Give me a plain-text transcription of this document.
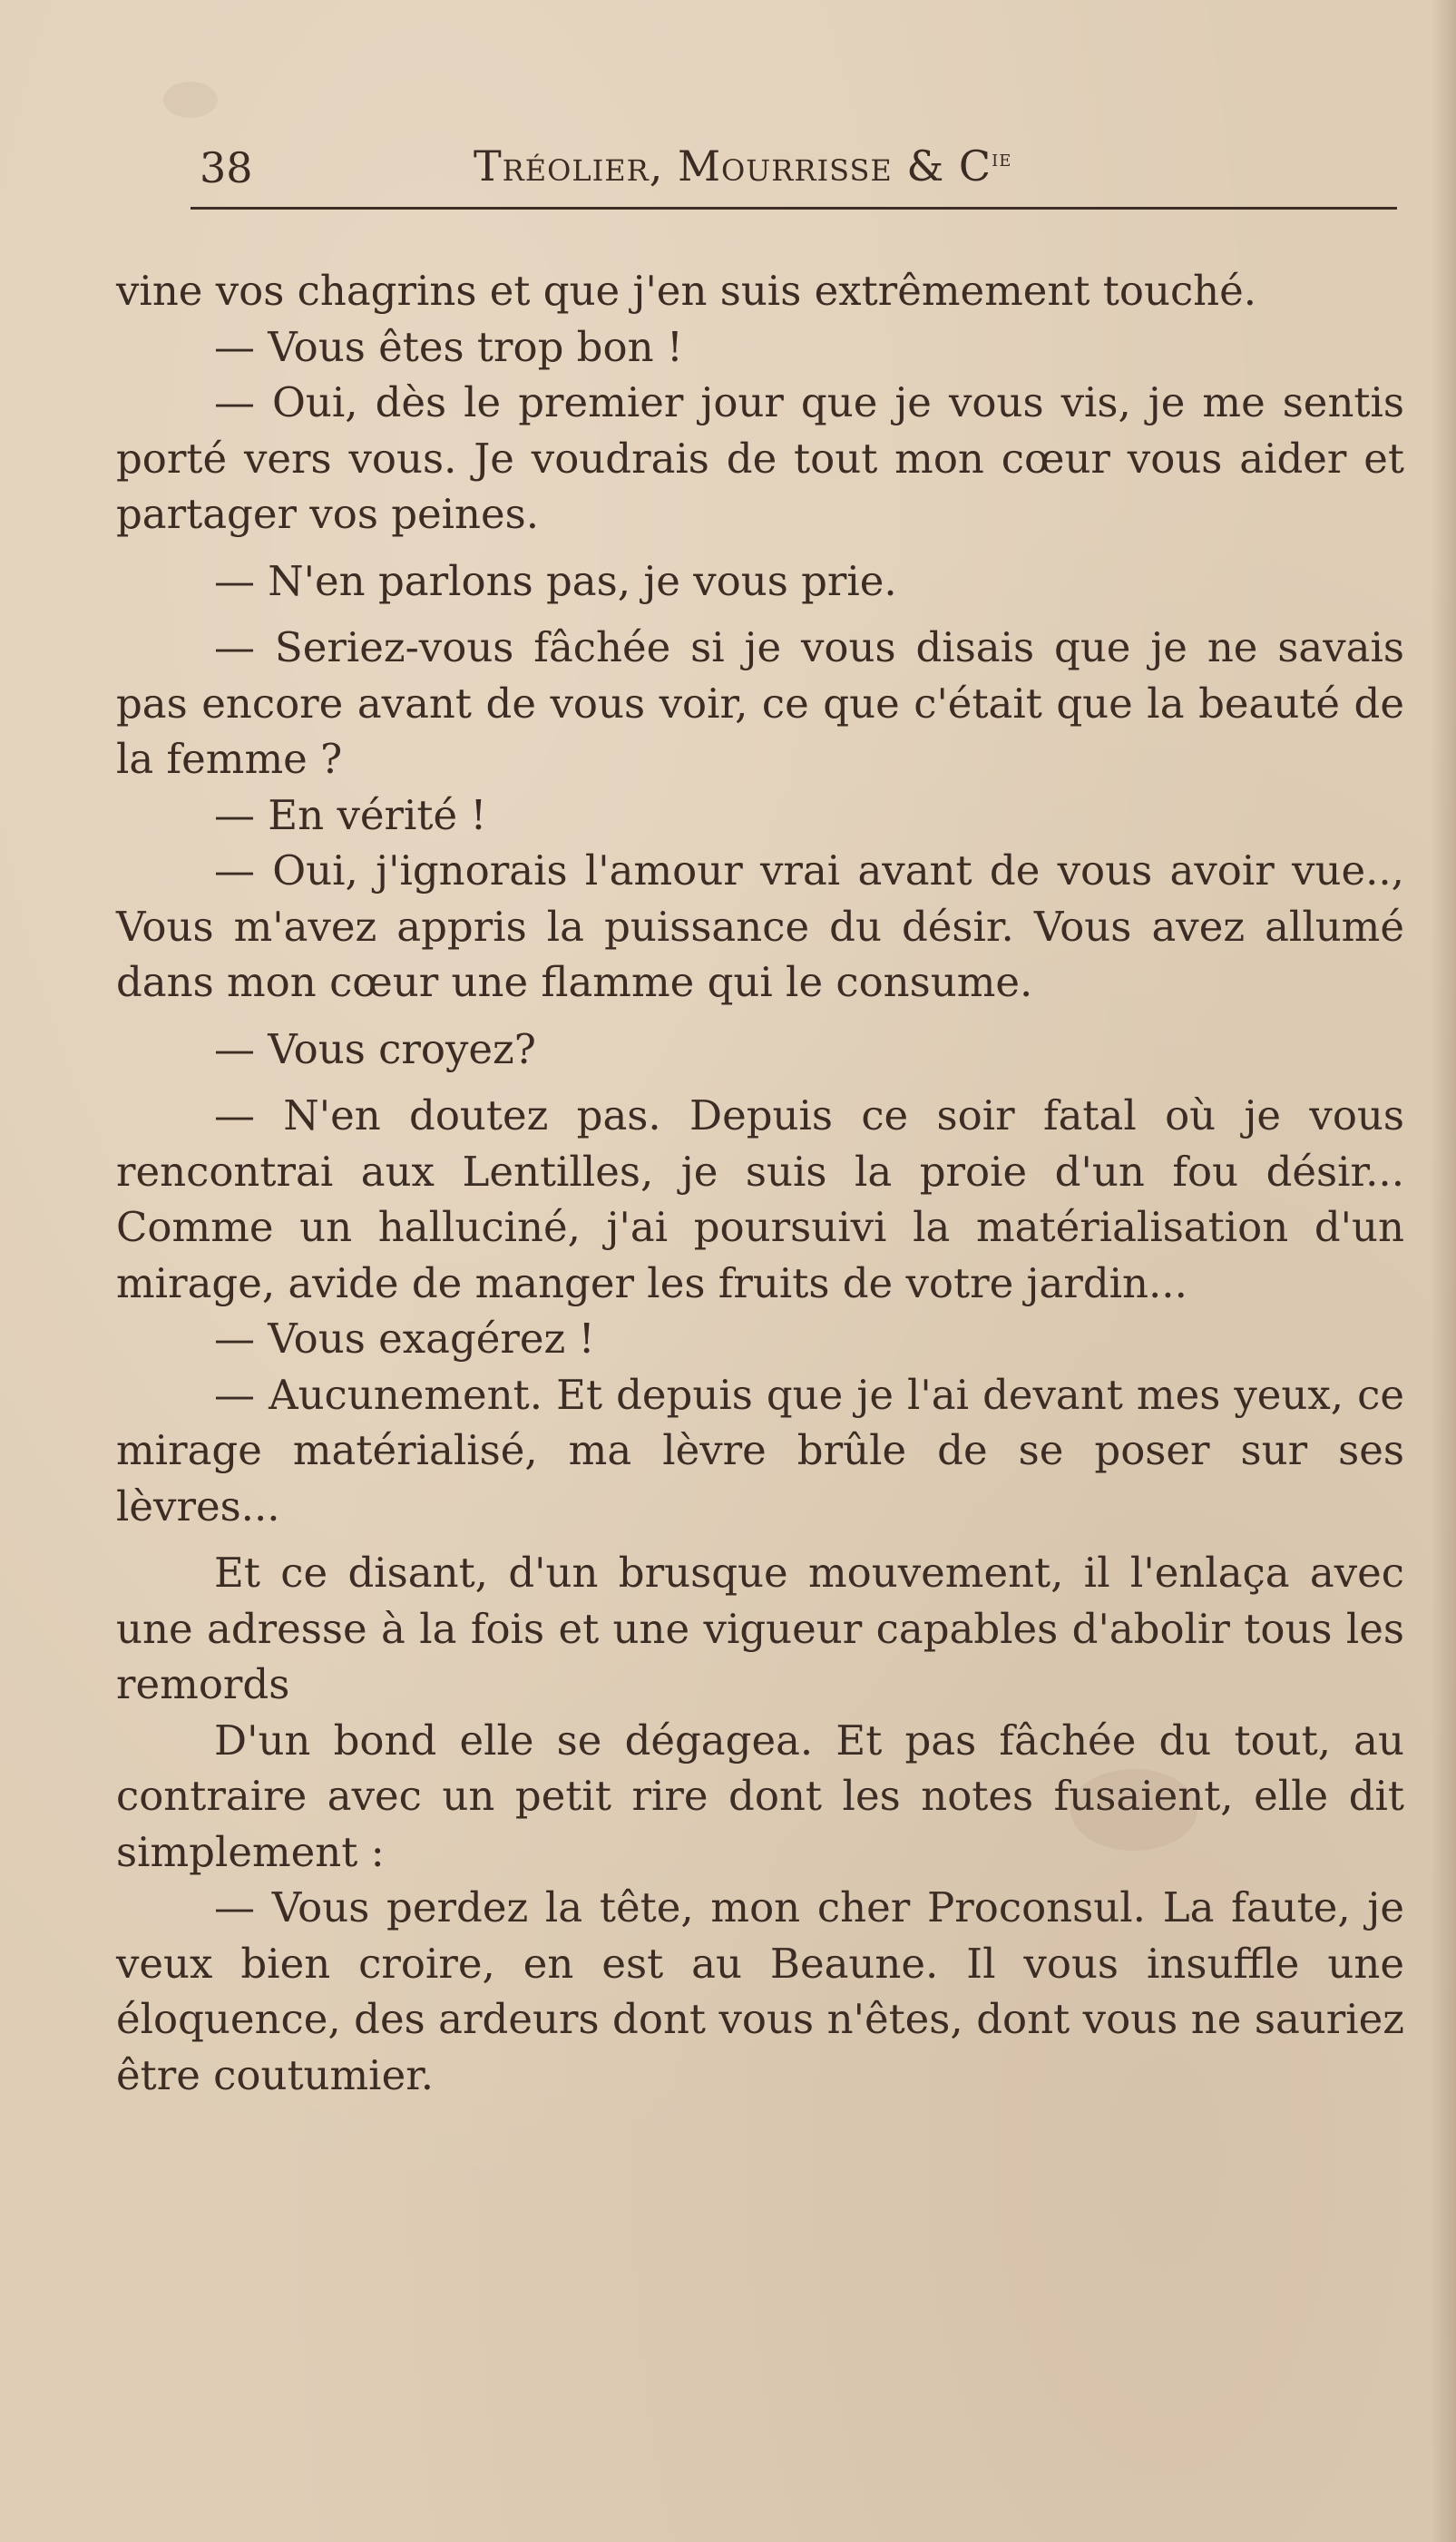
38	Tréolier, Mourrisse & $C^{ie}$

vine vos chagrins et que j'en suis extrêmement touché.

— Vous êtes trop bon !

— Oui, dès le premier jour que je vous vis, je me sentis porté vers vous. Je voudrais de tout mon cœur vous aider et partager vos peines.

— N'en parlons pas, je vous prie.

— Seriez-vous fâchée si je vous disais que je ne savais pas encore avant de vous voir, ce que c'était que la beauté de la femme ?

— En vérité !

— Oui, j'ignorais l'amour vrai avant de vous avoir vue.., Vous m'avez appris la puissance du désir. Vous avez allumé dans mon cœur une flamme qui le consume.

— Vous croyez?

— N'en doutez pas. Depuis ce soir fatal où je vous rencontrai aux Lentilles, je suis la proie d'un fou désir... Comme un halluciné, j'ai poursuivi la matérialisation d'un mirage, avide de manger les fruits de votre jardin...

— Vous exagérez !

— Aucunement. Et depuis que je l'ai devant mes yeux, ce mirage matérialisé, ma lèvre brûle de se poser sur ses lèvres...

Et ce disant, d'un brusque mouvement, il l'enlaça avec une adresse à la fois et une vigueur capables d'abolir tous les remords

D'un bond elle se dégagea. Et pas fâchée du tout, au contraire avec un petit rire dont les notes fusaient, elle dit simplement :

— Vous perdez la tête, mon cher Proconsul. La faute, je veux bien croire, en est au Beaune. Il vous insuffle une éloquence, des ardeurs dont vous n'êtes, dont vous ne sauriez être coutumier.
